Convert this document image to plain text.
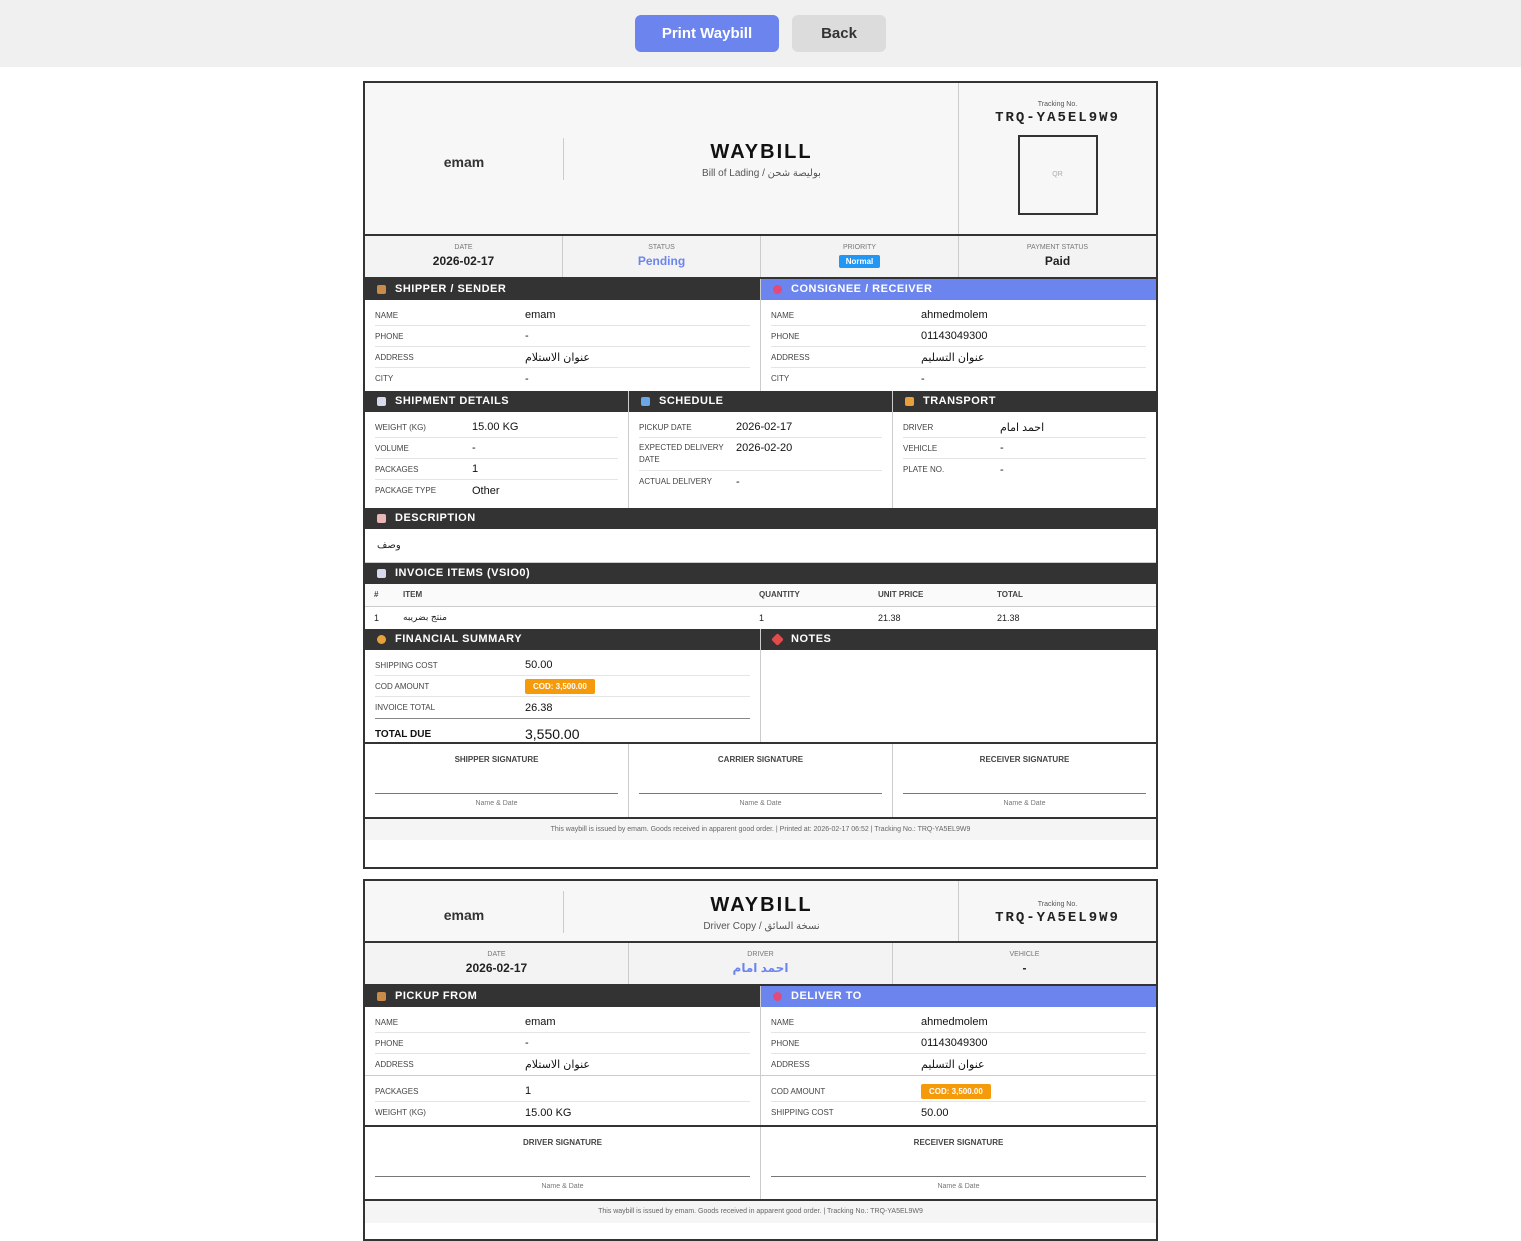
Print Waybill	Back
emam	WAYBILL
Bill of Lading / بوليصة شحن
Tracking No.
TRQ-YA5EL9W9
QR
DATE
2026-02-17
STATUS
Pending
PRIORITY
Normal
PAYMENT STATUS
Paid
SHIPPER / SENDER
NAME	emam
PHONE	-
ADDRESS	عنوان الاستلام
CITY	-
CONSIGNEE / RECEIVER
NAME	ahmedmolem
PHONE	01143049300
ADDRESS	عنوان التسليم
CITY	-
SHIPMENT DETAILS
WEIGHT (KG)	15.00 KG
VOLUME	-
PACKAGES	1
PACKAGE TYPE	Other
SCHEDULE
PICKUP DATE	2026-02-17
EXPECTED DELIVERY DATE
2026-02-20
ACTUAL DELIVERY	-
TRANSPORT
DRIVER	احمد امام
VEHICLE	-
PLATE NO.	-
DESCRIPTION
وصف
INVOICE ITEMS (VSIO0)
#	ITEM	QUANTITY	UNIT PRICE	TOTAL
1	منتج بضريبه	1	21.38	21.38
FINANCIAL SUMMARY
SHIPPING COST	50.00
COD AMOUNT	COD: 3,500.00
INVOICE TOTAL	26.38
TOTAL DUE	3,550.00
NOTES
SHIPPER SIGNATURE
Name & Date
CARRIER SIGNATURE
Name & Date
RECEIVER SIGNATURE
Name & Date
This waybill is issued by emam. Goods received in apparent good order. | Printed at: 2026-02-17 06:52 | Tracking No.: TRQ-YA5EL9W9
emam	WAYBILL
Driver Copy / نسخة السائق
Tracking No.
TRQ-YA5EL9W9
DATE
2026-02-17
DRIVER
احمد امام
VEHICLE
-
PICKUP FROM
NAME	emam
PHONE	-
ADDRESS	عنوان الاستلام
PACKAGES	1
WEIGHT (KG)	15.00 KG
DELIVER TO
NAME	ahmedmolem
PHONE	01143049300
ADDRESS	عنوان التسليم
COD AMOUNT	COD: 3,500.00
SHIPPING COST	50.00
DRIVER SIGNATURE
Name & Date
RECEIVER SIGNATURE
Name & Date
This waybill is issued by emam. Goods received in apparent good order. | Tracking No.: TRQ-YA5EL9W9
